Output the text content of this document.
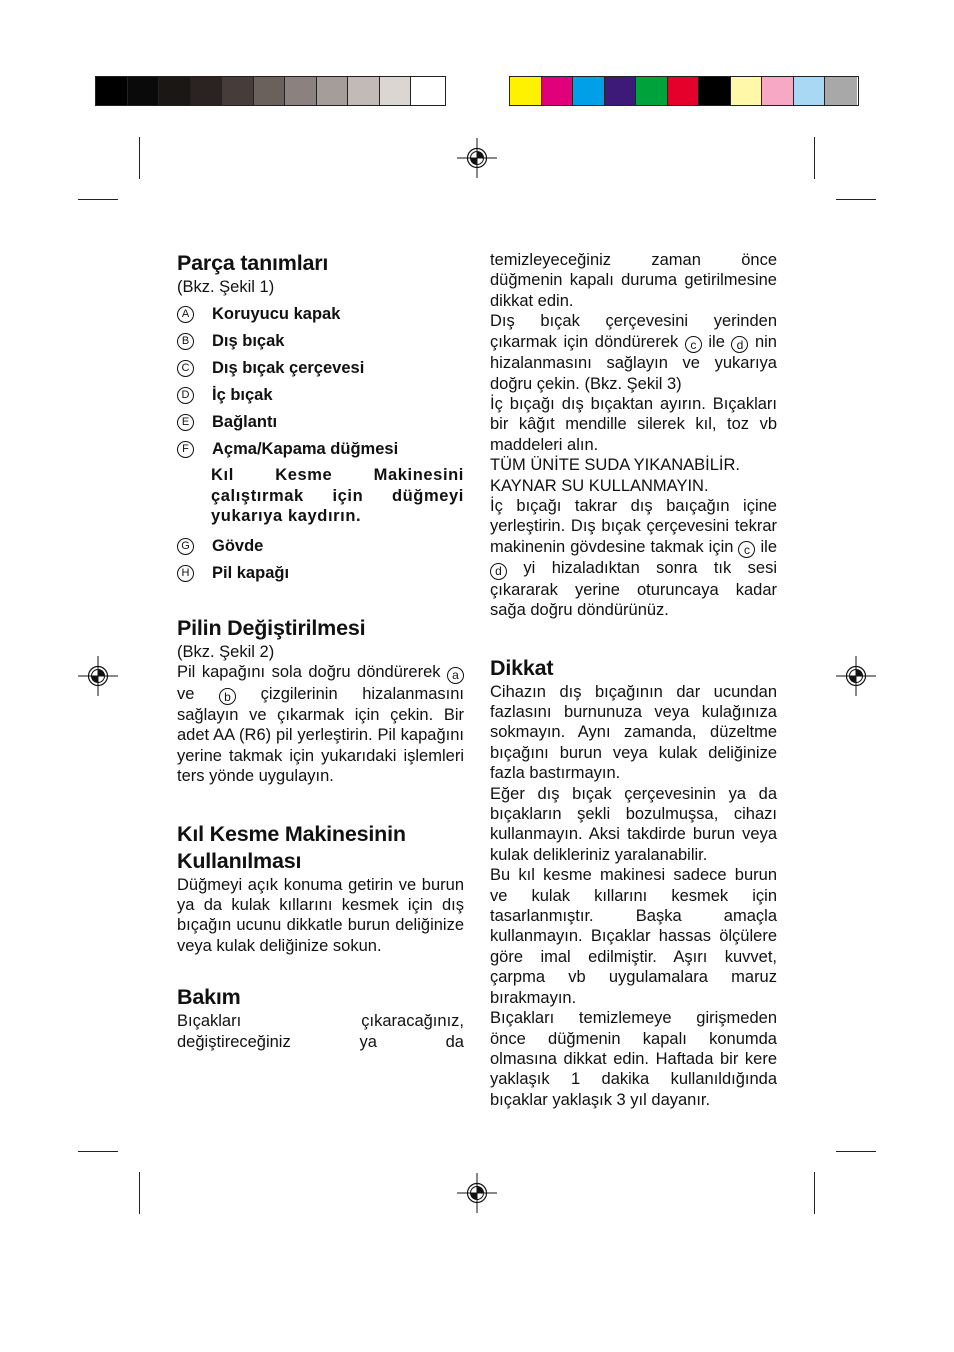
Parça tanımları

(Bkz. Şekil 1)

A Koruyucu kapak
B Dış bıçak
C Dış bıçak çerçevesi
D İç bıçak
E Bağlantı
F	Açma/Kapama düğmesi
Kıl Kesme Makinesini çalıştırmak için düğmeyi yukarıya kaydırın.
G Gövde
H Pil kapağı
Pilin Değiştirilmesi

(Bkz. Şekil 2)

Pil kapağını sola doğru döndürerek a ve b çizgilerinin hizalanmasını sağlayın ve çıkarmak için çekin. Bir adet AA (R6) pil yerleştirin. Pil kapağını yerine takmak için yukarıdaki işlemleri ters yönde uygulayın.

Kıl Kesme Makinesinin
Kullanılması

Düğmeyi açık konuma getirin ve burun ya da kulak kıllarını kesmek için dış bıçağın ucunu dikkatle burun deliğinize veya kulak deliğinize sokun.

Bakım

Bıçakları çıkaracağınız, değiştireceğiniz ya da

temizleyeceğiniz zaman önce düğmenin kapalı duruma getirilmesine dikkat edin.

Dış bıçak çerçevesini yerinden çıkarmak için döndürerek c ile d nin hizalanmasını sağlayın ve yukarıya doğru çekin. (Bkz. Şekil 3)

İç bıçağı dış bıçaktan ayırın. Bıçakları bir kâğıt mendille silerek kıl, toz vb maddeleri alın.

TÜM ÜNİTE SUDA YIKANABİLİR.

KAYNAR SU KULLANMAYIN.

İç bıçağı takrar dış baıçağın içine yerleştirin. Dış bıçak çerçevesini tekrar makinenin gövdesine takmak için c ile d yi hizaladıktan sonra tık sesi çıkararak yerine oturuncaya kadar sağa doğru döndürünüz.

Dikkat

Cihazın dış bıçağının dar ucundan fazlasını burnunuza veya kulağınıza sokmayın. Aynı zamanda, düzeltme bıçağını burun veya kulak deliğinize fazla bastırmayın.

Eğer dış bıçak çerçevesinin ya da bıçakların şekli bozulmuşsa, cihazı kullanmayın. Aksi takdirde burun veya kulak delikleriniz yaralanabilir.

Bu kıl kesme makinesi sadece burun ve kulak kıllarını kesmek için tasarlanmıştır. Başka amaçla kullanmayın. Bıçaklar hassas ölçülere göre imal edilmiştir. Aşırı kuvvet, çarpma vb uygulamalara maruz bırakmayın.

Bıçakları temizlemeye girişmeden önce düğmenin kapalı konumda olmasına dikkat edin. Haftada bir kere yaklaşık 1 dakika kullanıldığında bıçaklar yaklaşık 3 yıl dayanır.
